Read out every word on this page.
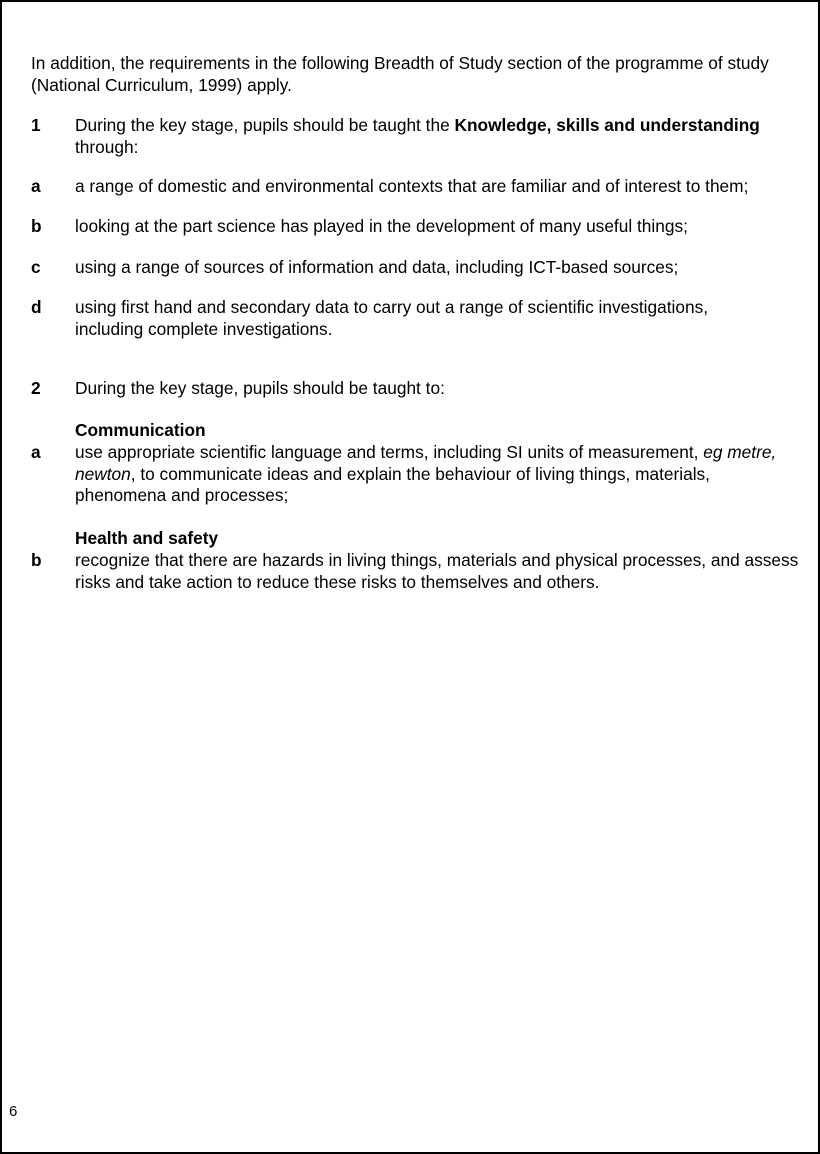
In addition, the requirements in the following Breadth of Study section of the programme of study (National Curriculum, 1999) apply.

1	During the key stage, pupils should be taught the Knowledge, skills and understanding through:
a	a range of domestic and environmental contexts that are familiar and of interest to them;
b	looking at the part science has played in the development of many useful things;
c	using a range of sources of information and data, including ICT-based sources;
d	using first hand and secondary data to carry out a range of scientific investigations, including complete investigations.
2	During the key stage, pupils should be taught to:
Communication
a	use appropriate scientific language and terms, including SI units of measurement, eg metre, newton, to communicate ideas and explain the behaviour of living things, materials, phenomena and processes;
Health and safety
b	recognize that there are hazards in living things, materials and physical processes, and assess risks and take action to reduce these risks to themselves and others.
6
